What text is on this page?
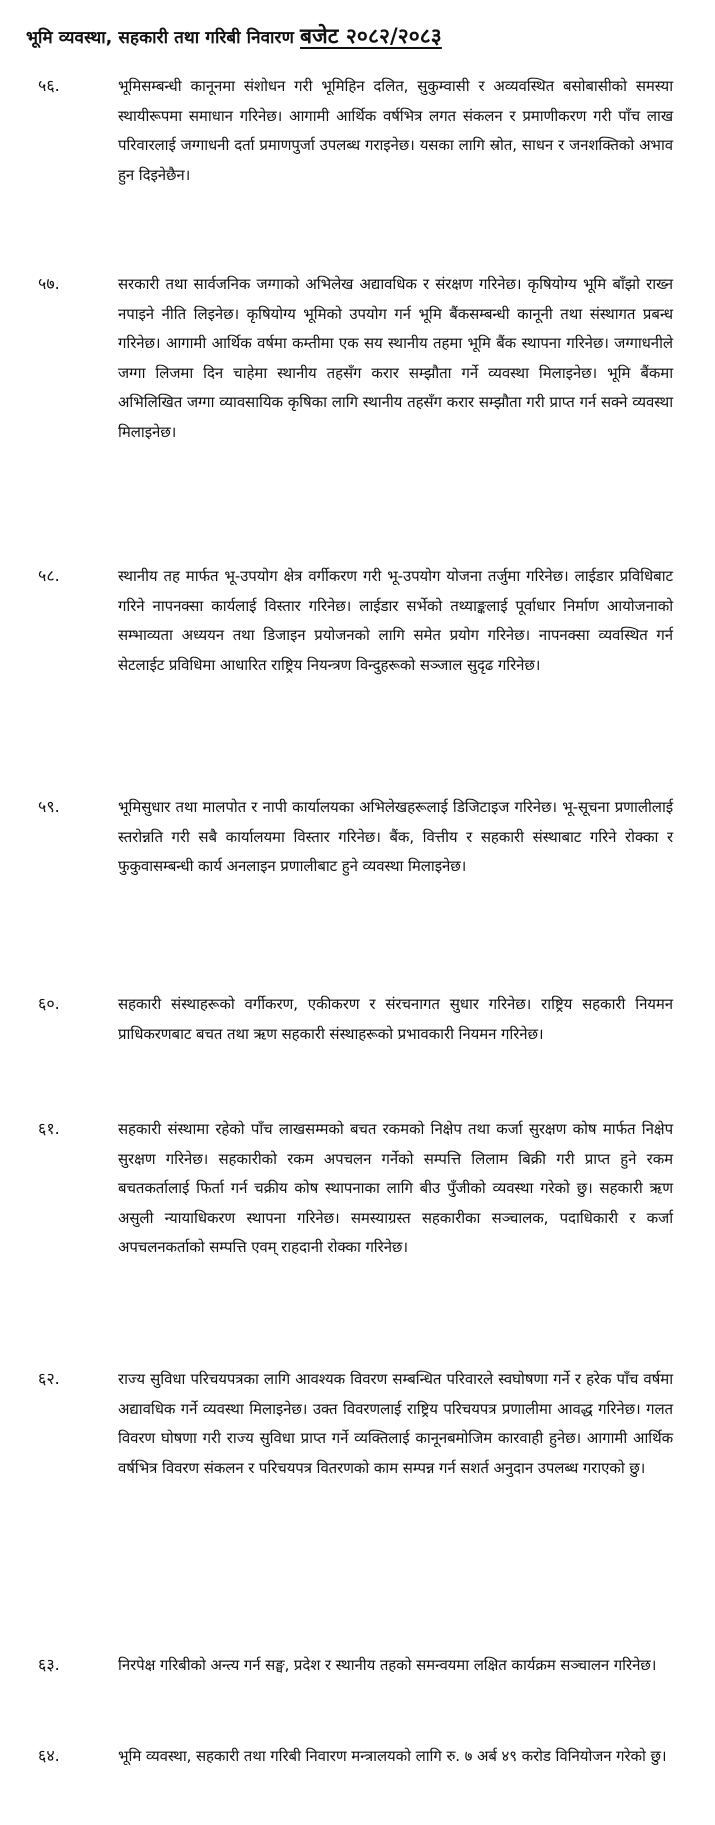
भूमि व्यवस्था, सहकारी तथा गरिबी निवारण बजेट २०८२/२०८३
५६.	भूमिसम्बन्धी कानूनमा संशोधन गरी भूमिहिन दलित, सुकुम्वासी र अव्यवस्थित बसोबासीको समस्या स्थायीरूपमा समाधान गरिनेछ। आगामी आर्थिक वर्षभित्र लगत संकलन र प्रमाणीकरण गरी पाँच लाख परिवारलाई जग्गाधनी दर्ता प्रमाणपुर्जा उपलब्ध गराइनेछ। यसका लागि स्रोत, साधन र जनशक्तिको अभाव हुन दिइनेछैन।
५७.	सरकारी तथा सार्वजनिक जग्गाको अभिलेख अद्यावधिक र संरक्षण गरिनेछ। कृषियोग्य भूमि बाँझो राख्न नपाइने नीति लिइनेछ। कृषियोग्य भूमिको उपयोग गर्न भूमि बैंकसम्बन्धी कानूनी तथा संस्थागत प्रबन्ध गरिनेछ। आगामी आर्थिक वर्षमा कम्तीमा एक सय स्थानीय तहमा भूमि बैंक स्थापना गरिनेछ। जग्गाधनीले जग्गा लिजमा दिन चाहेमा स्थानीय तहसँग करार सम्झौता गर्ने व्यवस्था मिलाइनेछ। भूमि बैंकमा अभिलिखित जग्गा व्यावसायिक कृषिका लागि स्थानीय तहसँग करार सम्झौता गरी प्राप्त गर्न सक्ने व्यवस्था मिलाइनेछ।
५८.	स्थानीय तह मार्फत भू-उपयोग क्षेत्र वर्गीकरण गरी भू-उपयोग योजना तर्जुमा गरिनेछ। लाईडार प्रविधिबाट गरिने नापनक्सा कार्यलाई विस्तार गरिनेछ। लाईडार सर्भेको तथ्याङ्कलाई पूर्वाधार निर्माण आयोजनाको सम्भाव्यता अध्ययन तथा डिजाइन प्रयोजनको लागि समेत प्रयोग गरिनेछ। नापनक्सा व्यवस्थित गर्न सेटलाईट प्रविधिमा आधारित राष्ट्रिय नियन्त्रण विन्दुहरूको सञ्जाल सुदृढ गरिनेछ।
५९.	भूमिसुधार तथा मालपोत र नापी कार्यालयका अभिलेखहरूलाई डिजिटाइज गरिनेछ। भू-सूचना प्रणालीलाई स्तरोन्नति गरी सबै कार्यालयमा विस्तार गरिनेछ। बैंक, वित्तीय र सहकारी संस्थाबाट गरिने रोक्का र फुकुवासम्बन्धी कार्य अनलाइन प्रणालीबाट हुने व्यवस्था मिलाइनेछ।
६०.	सहकारी संस्थाहरूको वर्गीकरण, एकीकरण र संरचनागत सुधार गरिनेछ। राष्ट्रिय सहकारी नियमन प्राधिकरणबाट बचत तथा ऋण सहकारी संस्थाहरूको प्रभावकारी नियमन गरिनेछ।
६१.	सहकारी संस्थामा रहेको पाँच लाखसम्मको बचत रकमको निक्षेप तथा कर्जा सुरक्षण कोष मार्फत निक्षेप सुरक्षण गरिनेछ। सहकारीको रकम अपचलन गर्नेको सम्पत्ति लिलाम बिक्री गरी प्राप्त हुने रकम बचतकर्तालाई फिर्ता गर्न चक्रीय कोष स्थापनाका लागि बीउ पुँजीको व्यवस्था गरेको छु। सहकारी ऋण असुली न्यायाधिकरण स्थापना गरिनेछ। समस्याग्रस्त सहकारीका सञ्चालक, पदाधिकारी र कर्जा अपचलनकर्ताको सम्पत्ति एवम् राहदानी रोक्का गरिनेछ।
६२.	राज्य सुविधा परिचयपत्रका लागि आवश्यक विवरण सम्बन्धित परिवारले स्वघोषणा गर्ने र हरेक पाँच वर्षमा अद्यावधिक गर्ने व्यवस्था मिलाइनेछ। उक्त विवरणलाई राष्ट्रिय परिचयपत्र प्रणालीमा आवद्ध गरिनेछ। गलत विवरण घोषणा गरी राज्य सुविधा प्राप्त गर्ने व्यक्तिलाई कानूनबमोजिम कारवाही हुनेछ। आगामी आर्थिक वर्षभित्र विवरण संकलन र परिचयपत्र वितरणको काम सम्पन्न गर्न सशर्त अनुदान उपलब्ध गराएको छु।
६३.	निरपेक्ष गरिबीको अन्त्य गर्न सङ्घ, प्रदेश र स्थानीय तहको समन्वयमा लक्षित कार्यक्रम सञ्चालन गरिनेछ।
६४.	भूमि व्यवस्था, सहकारी तथा गरिबी निवारण मन्त्रालयको लागि रु. ७ अर्ब ४९ करोड विनियोजन गरेको छु।
